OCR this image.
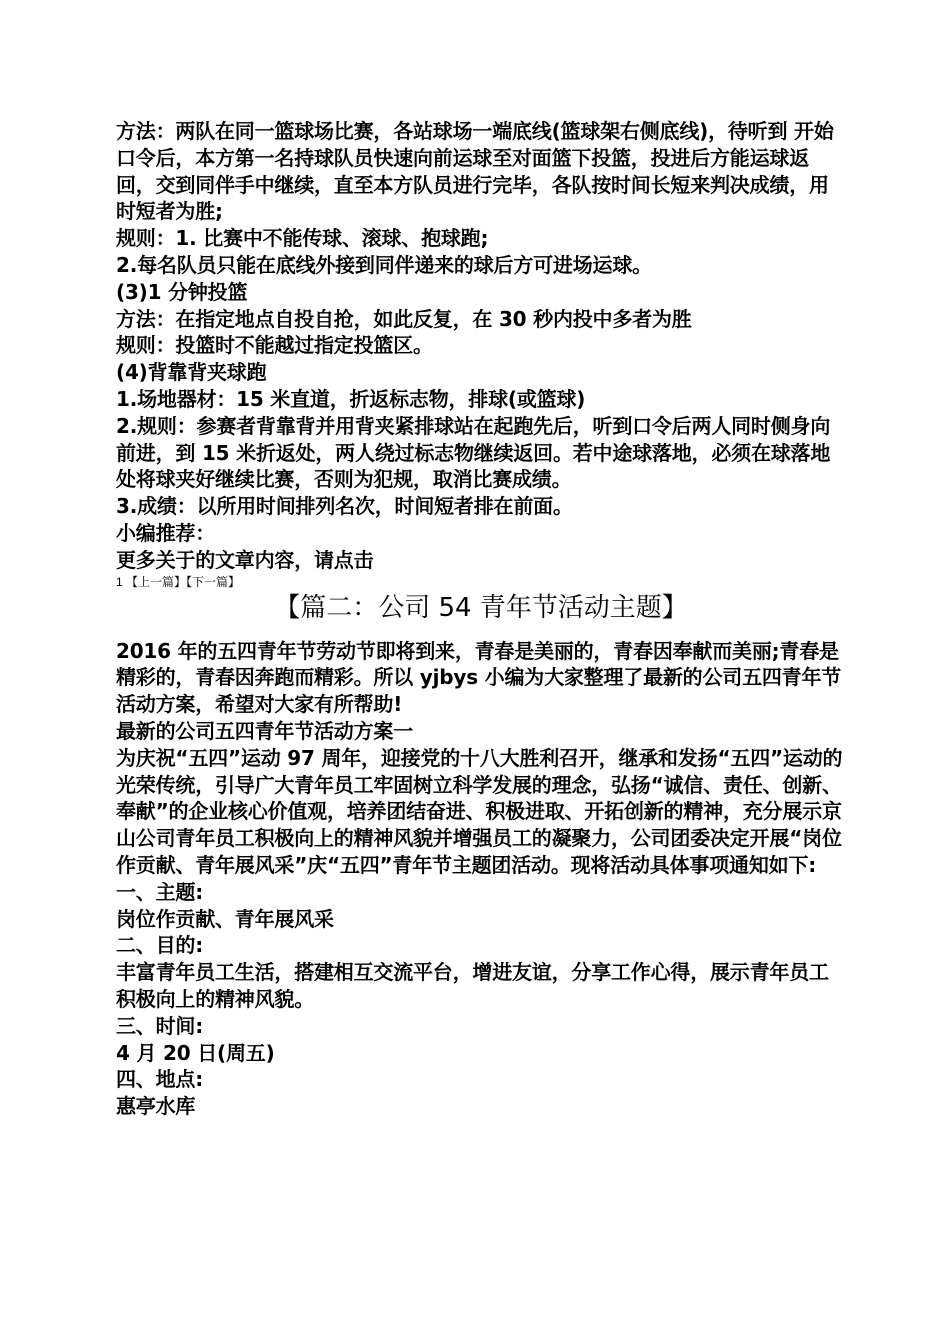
方法：两队在同一篮球场比赛，各站球场一端底线(篮球架右侧底线)，待听到 开始 口令后，本方第一名持球队员快速向前运球至对面篮下投篮，投进后方能运球返回，交到同伴手中继续，直至本方队员进行完毕，各队按时间长短来判决成绩，用时短者为胜;

规则：1. 比赛中不能传球、滚球、抱球跑;

2.每名队员只能在底线外接到同伴递来的球后方可进场运球。

(3)1 分钟投篮

方法：在指定地点自投自抢，如此反复，在 30 秒内投中多者为胜

规则：投篮时不能越过指定投篮区。

(4)背靠背夹球跑

1.场地器材：15 米直道，折返标志物，排球(或篮球)

2.规则：参赛者背靠背并用背夹紧排球站在起跑先后，听到口令后两人同时侧身向前进，到 15 米折返处，两人绕过标志物继续返回。若中途球落地，必须在球落地处将球夹好继续比赛，否则为犯规，取消比赛成绩。

3.成绩：以所用时间排列名次，时间短者排在前面。

小编推荐：

更多关于的文章内容，请点击

1 【上一篇】【下一篇】

【篇二：公司 54 青年节活动主题】

2016 年的五四青年节劳动节即将到来，青春是美丽的，青春因奉献而美丽;青春是精彩的，青春因奔跑而精彩。所以 yjbys 小编为大家整理了最新的公司五四青年节活动方案，希望对大家有所帮助!

最新的公司五四青年节活动方案一

为庆祝“五四”运动 97 周年，迎接党的十八大胜利召开，继承和发扬“五四”运动的光荣传统，引导广大青年员工牢固树立科学发展的理念，弘扬“诚信、责任、创新、奉献”的企业核心价值观，培养团结奋进、积极进取、开拓创新的精神，充分展示京山公司青年员工积极向上的精神风貌并增强员工的凝聚力，公司团委决定开展“岗位作贡献、青年展风采”庆“五四”青年节主题团活动。现将活动具体事项通知如下:

一、主题:

岗位作贡献、青年展风采

二、目的:

丰富青年员工生活，搭建相互交流平台，增进友谊，分享工作心得，展示青年员工积极向上的精神风貌。

三、时间:

4 月 20 日(周五)

四、地点:

惠亭水库
